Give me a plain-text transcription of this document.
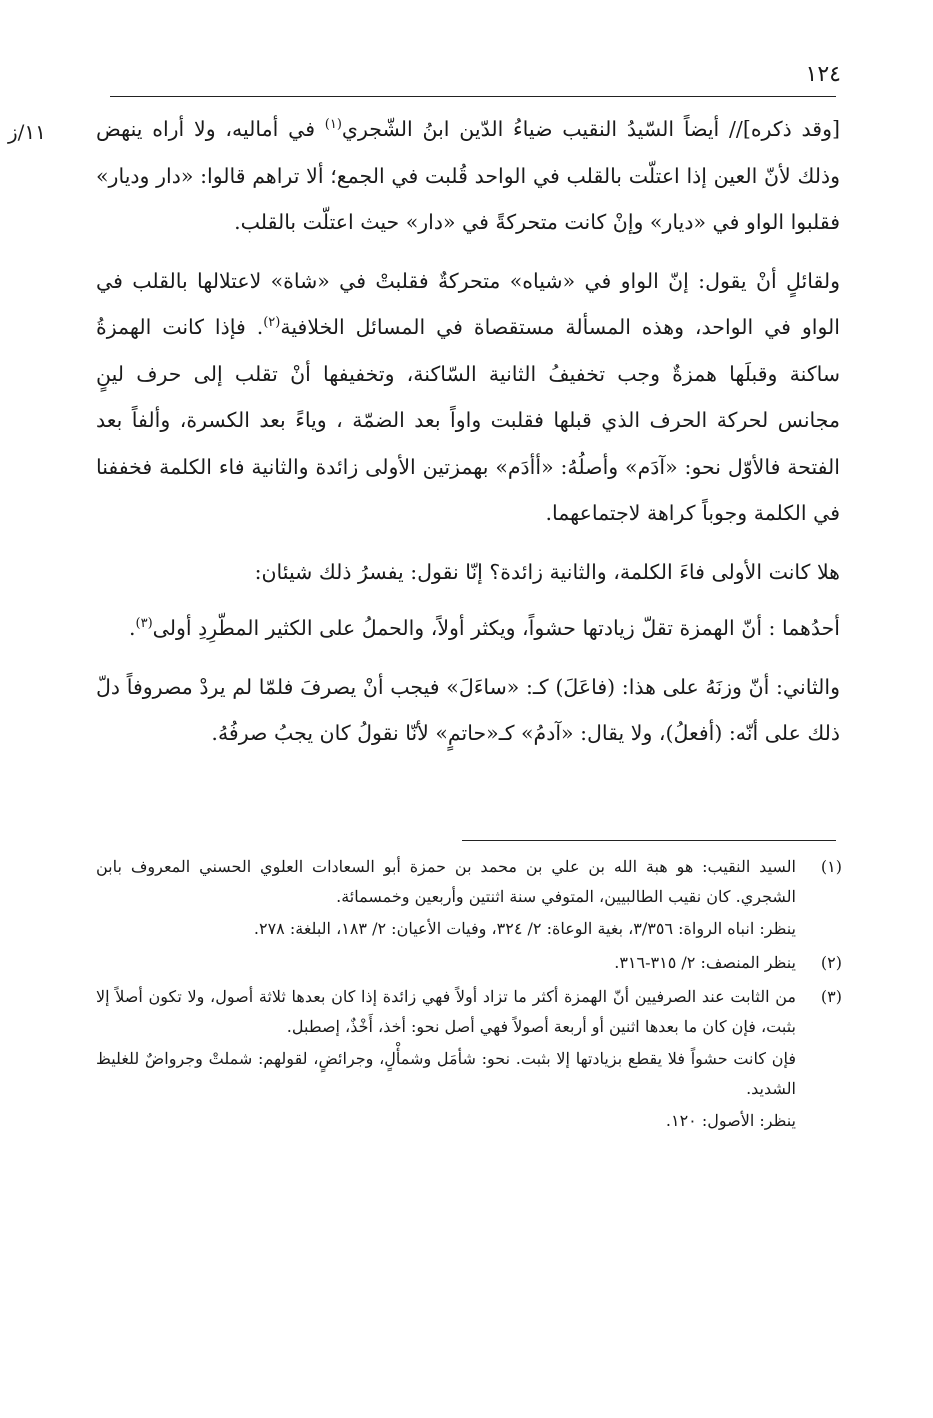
١٢٤
١١/ز	[وقد ذكره]// أيضاً السّيدُ النقيب ضياءُ الدّين ابنُ الشّجري$^{(١)}$ في أماليه، ولا أراه ينهض وذلك لأنّ العين إذا اعتلّت بالقلب في الواحد قُلبت في الجمع؛ ألا تراهم قالوا: «دار وديار» فقلبوا الواو في «ديار» وإنْ كانت متحركةً في «دار» حيث اعتلّت بالقلب.

ولقائلٍ أنْ يقول: إنّ الواو في «شياه» متحركةٌ فقلبتْ في «شاة» لاعتلالها بالقلب في الواو في الواحد، وهذه المسألة مستقصاة في المسائل الخلافية$^{(٢)}$. فإذا كانت الهمزةُ ساكنة وقبلَها همزةٌ وجب تخفيفُ الثانية السّاكنة، وتخفيفها أنْ تقلب إلى حرف لينٍ مجانس لحركة الحرف الذي قبلها فقلبت واواً بعد الضمّة ، وياءً بعد الكسرة، وألفاً بعد الفتحة فالأوّل نحو: «آدَم» وأصلُهُ: «أأدَم» بهمزتين الأولى زائدة والثانية فاء الكلمة فخففنا في الكلمة وجوباً كراهة لاجتماعهما.

هلا كانت الأولى فاءَ الكلمة، والثانية زائدة؟ إنّا نقول: يفسرُ ذلك شيئان:

أحدُهما : أنّ الهمزة تقلّ زيادتها حشواً، ويكثر أولاً، والحملُ على الكثير المطّرِدِ أولى$^{(٣)}$.

والثاني: أنّ وزنَهُ على هذا: (فاعَلَ) كـ: «ساءَلَ» فيجب أنْ يصرفَ فلمّا لم يردْ مصروفاً دلّ ذلك على أنّه: (أفعلُ)، ولا يقال: «آدمُ» كـ«حاتمٍ» لأنّا نقولُ كان يجبُ صرفُهُ.

(١)

السيد النقيب: هو هبة الله بن علي بن محمد بن حمزة أبو السعادات العلوي الحسني المعروف بابن الشجري. كان نقيب الطالبيين، المتوفي سنة اثنتين وأربعين وخمسمائة.

ينظر: انباه الرواة: ٣/٣٥٦، بغية الوعاة: ٢/ ٣٢٤، وفيات الأعيان: ٢/ ١٨٣، البلغة: ٢٧٨.

(٢)

ينظر المنصف: ٢/ ٣١٥-٣١٦.

(٣)

من الثابت عند الصرفيين أنّ الهمزة أكثر ما تزاد أولاً فهي زائدة إذا كان بعدها ثلاثة أصول، ولا تكون أصلاً إلا بثبت، فإن كان ما بعدها اثنين أو أربعة أصولاً فهي أصل نحو: أخذ، أَخْذٌ، إصطبل.

فإن كانت حشواً فلا يقطع بزيادتها إلا بثبت. نحو: شأمَل وشمأْلٍ، وجرائضٍ، لقولهم: شملتْ وجرواضٌ للغليظ الشديد.

ينظر: الأصول: ١٢٠.
